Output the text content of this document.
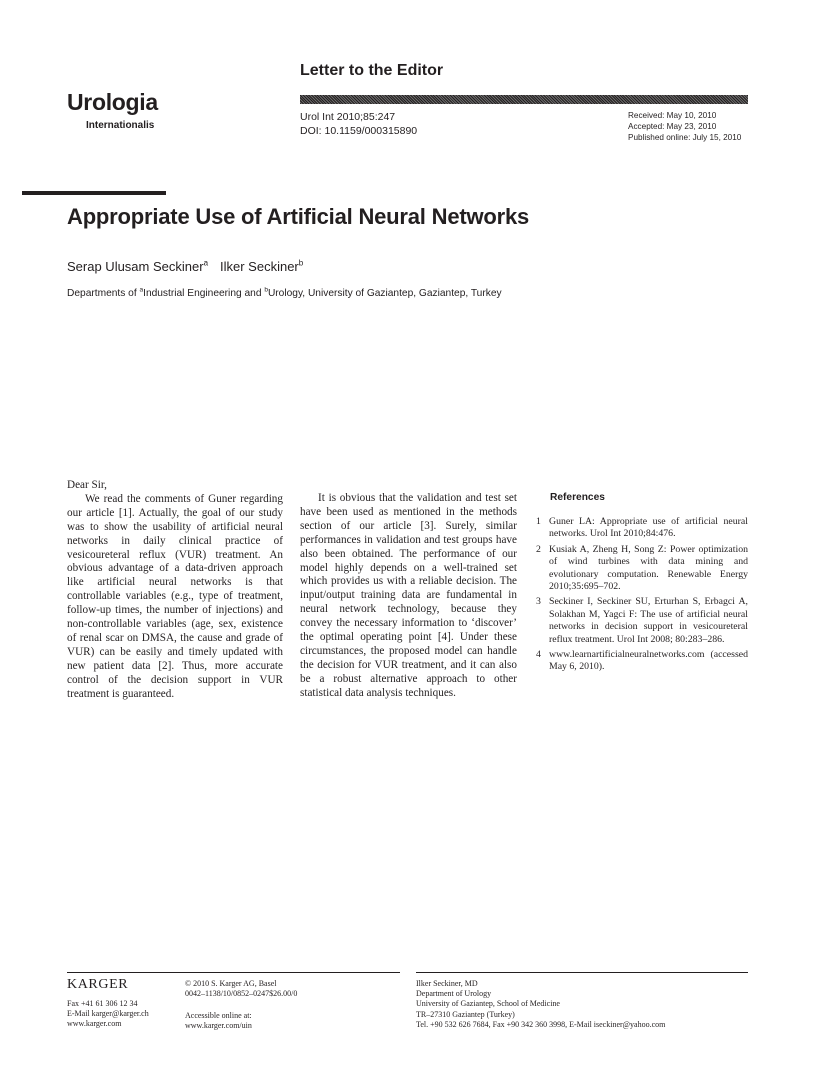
Letter to the Editor
Urologia
Internationalis
Urol Int 2010;85:247
DOI: 10.1159/000315890
Received: May 10, 2010
Accepted: May 23, 2010
Published online: July 15, 2010
Appropriate Use of Artificial Neural Networks
Serap Ulusam Seckiner$^a$ Ilker Seckiner$^b$
Departments of $^a$Industrial Engineering and $^b$Urology, University of Gaziantep, Gaziantep, Turkey

Dear Sir,

We read the comments of Guner regarding our article [1]. Actually, the goal of our study was to show the usability of artificial neural networks in daily clinical practice of vesicoureteral reflux (VUR) treatment. An obvious advantage of a data-driven approach like artificial neural networks is that controllable variables (e.g., type of treatment, follow-up times, the number of injections) and non-controllable variables (age, sex, existence of renal scar on DMSA, the cause and grade of VUR) can be easily and timely updated with new patient data [2]. Thus, more accurate control of the decision support in VUR treatment is guaranteed.

It is obvious that the validation and test set have been used as mentioned in the methods section of our article [3]. Surely, similar performances in validation and test groups have also been obtained. The performance of our model highly depends on a well-trained set which provides us with a reliable decision. The input/output training data are fundamental in neural network technology, because they convey the necessary information to ‘discover’ the optimal operating point [4]. Under these circumstances, the proposed model can handle the decision for VUR treatment, and it can also be a robust alternative approach to other statistical data analysis techniques.

References
1 Guner LA: Appropriate use of artificial neural networks. Urol Int 2010;84:476.
2 Kusiak A, Zheng H, Song Z: Power optimization of wind turbines with data mining and evolutionary computation. Renewable Energy 2010;35:695–702.
3 Seckiner I, Seckiner SU, Erturhan S, Erbagci A, Solakhan M, Yagci F: The use of artificial neural networks in decision support in vesicoureteral reflux treatment. Urol Int 2008; 80:283–286.
4 www.learnartificialneuralnetworks.com (accessed May 6, 2010).
KARGER
Fax +41 61 306 12 34
E-Mail karger@karger.ch
www.karger.com
© 2010 S. Karger AG, Basel
0042–1138/10/0852–0247$26.00/0
Accessible online at:
www.karger.com/uin
Ilker Seckiner, MD
Department of Urology
University of Gaziantep, School of Medicine
TR–27310 Gaziantep (Turkey)
Tel. +90 532 626 7684, Fax +90 342 360 3998, E-Mail iseckiner@yahoo.com
